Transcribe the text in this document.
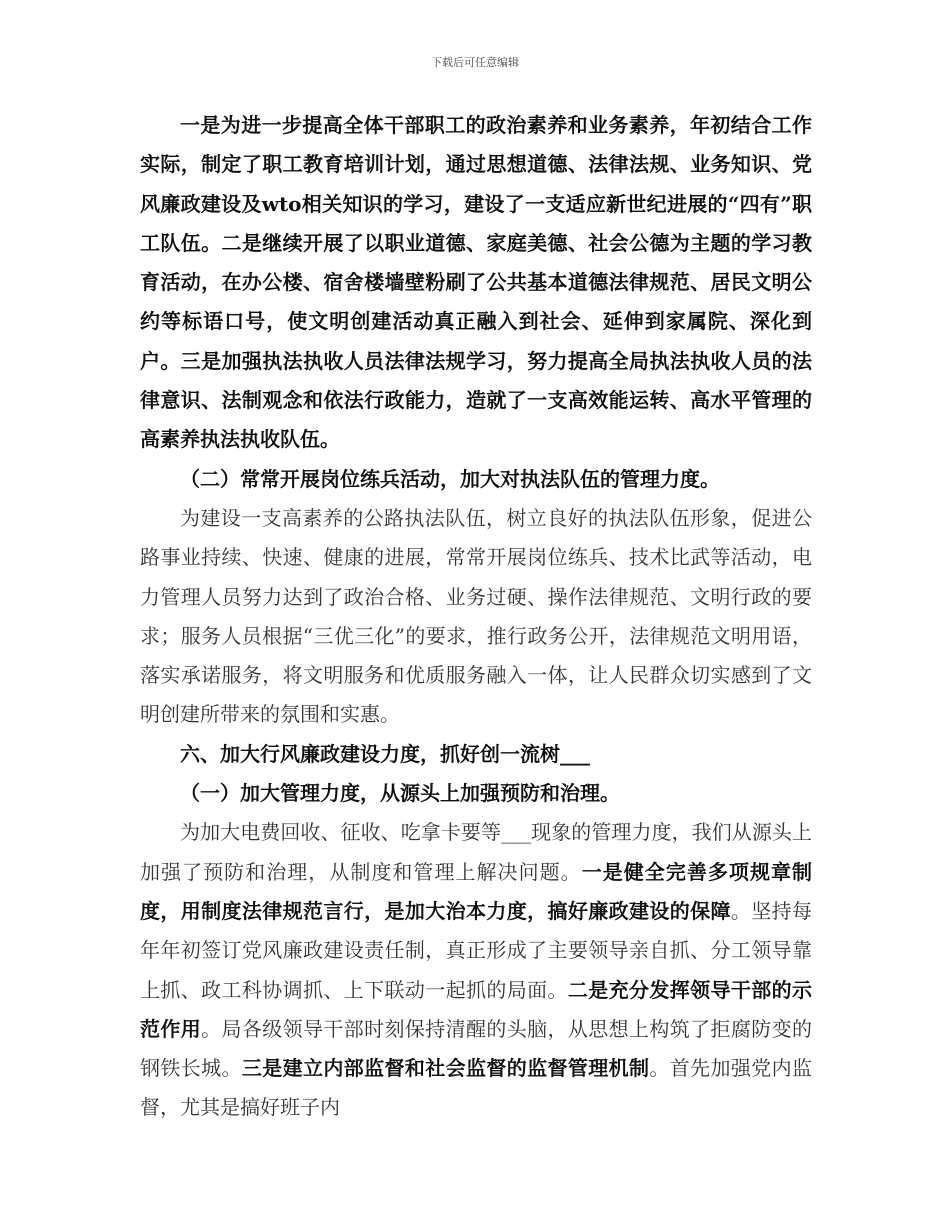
下载后可任意编辑

一是为进一步提高全体干部职工的政治素养和业务素养，年初结合工作实际，制定了职工教育培训计划，通过思想道德、法律法规、业务知识、党风廉政建设及wto相关知识的学习，建设了一支适应新世纪进展的“四有”职工队伍。二是继续开展了以职业道德、家庭美德、社会公德为主题的学习教育活动，在办公楼、宿舍楼墙壁粉刷了公共基本道德法律规范、居民文明公约等标语口号，使文明创建活动真正融入到社会、延伸到家属院、深化到户。三是加强执法执收人员法律法规学习，努力提高全局执法执收人员的法律意识、法制观念和依法行政能力，造就了一支高效能运转、高水平管理的高素养执法执收队伍。

（二）常常开展岗位练兵活动，加大对执法队伍的管理力度。

为建设一支高素养的公路执法队伍，树立良好的执法队伍形象，促进公路事业持续、快速、健康的进展，常常开展岗位练兵、技术比武等活动，电力管理人员努力达到了政治合格、业务过硬、操作法律规范、文明行政的要求；服务人员根据“三优三化”的要求，推行政务公开，法律规范文明用语，落实承诺服务，将文明服务和优质服务融入一体，让人民群众切实感到了文明创建所带来的氛围和实惠。

六、加大行风廉政建设力度，抓好创一流树___

（一）加大管理力度，从源头上加强预防和治理。

为加大电费回收、征收、吃拿卡要等___现象的管理力度，我们从源头上加强了预防和治理，从制度和管理上解决问题。一是健全完善多项规章制度，用制度法律规范言行，是加大治本力度，搞好廉政建设的保障。坚持每年年初签订党风廉政建设责任制，真正形成了主要领导亲自抓、分工领导靠上抓、政工科协调抓、上下联动一起抓的局面。二是充分发挥领导干部的示范作用。局各级领导干部时刻保持清醒的头脑，从思想上构筑了拒腐防变的钢铁长城。三是建立内部监督和社会监督的监督管理机制。首先加强党内监督，尤其是搞好班子内
